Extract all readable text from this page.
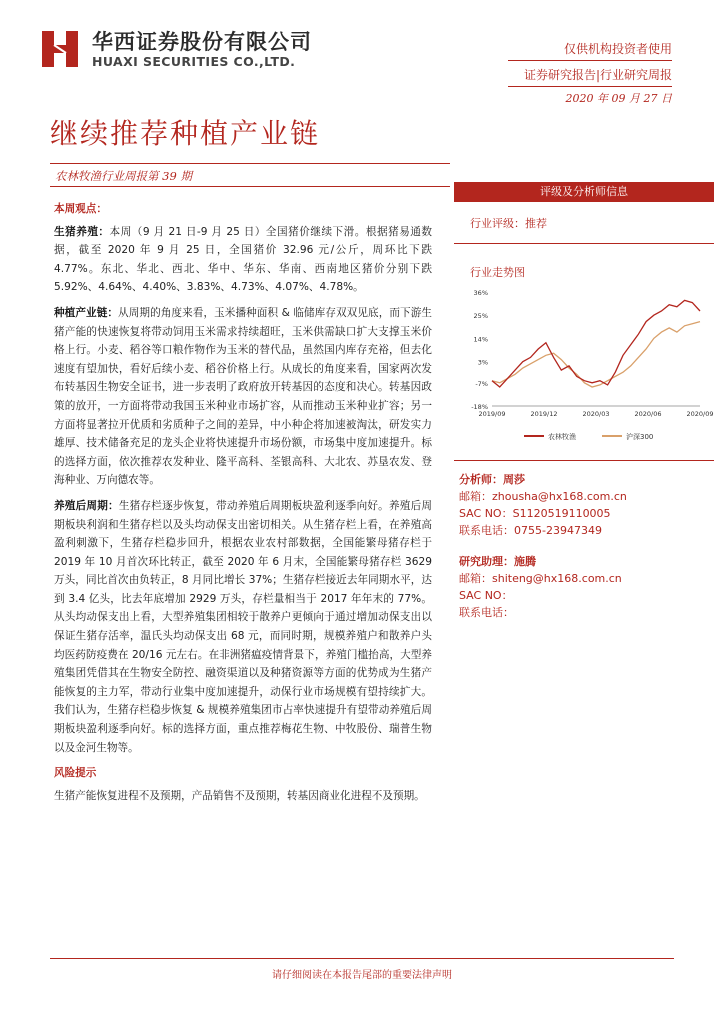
华西证券股份有限公司
HUAXI SECURITIES CO.,LTD.
仅供机构投资者使用
证券研究报告|行业研究周报
2020 年 09 月 27 日
继续推荐种植产业链
农林牧渔行业周报第 39 期

本周观点：

生猪养殖：本周（9 月 21 日-9 月 25 日）全国猪价继续下滑。根据猪易通数据，截至 2020 年 9 月 25 日，全国猪价 32.96 元/公斤，周环比下跌 4.77%。东北、华北、西北、华中、华东、华南、西南地区猪价分别下跌 5.92%、4.64%、4.40%、3.83%、4.73%、4.07%、4.78%。

种植产业链：从周期的角度来看，玉米播种面积 & 临储库存双双见底，而下游生猪产能的快速恢复将带动饲用玉米需求持续超旺，玉米供需缺口扩大支撑玉米价格上行。小麦、稻谷等口粮作物作为玉米的替代品，虽然国内库存充裕，但去化速度有望加快，看好后续小麦、稻谷价格上行。从成长的角度来看，国家两次发布转基因生物安全证书，进一步表明了政府放开转基因的态度和决心。转基因政策的放开，一方面将带动我国玉米种业市场扩容，从而推动玉米种业扩容；另一方面将显著拉开优质和劣质种子之间的差异，中小种企将加速被淘汰，研发实力雄厚、技术储备充足的龙头企业将快速提升市场份额，市场集中度加速提升。标的选择方面，依次推荐农发种业、隆平高科、荃银高科、大北农、苏垦农发、登海种业、万向德农等。

养殖后周期：生猪存栏逐步恢复，带动养殖后周期板块盈利逐季向好。养殖后周期板块利润和生猪存栏以及头均动保支出密切相关。从生猪存栏上看，在养殖高盈利刺激下，生猪存栏稳步回升，根据农业农村部数据，全国能繁母猪存栏于 2019 年 10 月首次环比转正，截至 2020 年 6 月末，全国能繁母猪存栏 3629 万头，同比首次由负转正，8 月同比增长 37%；生猪存栏接近去年同期水平，达到 3.4 亿头，比去年底增加 2929 万头，存栏量相当于 2017 年年末的 77%。从头均动保支出上看，大型养殖集团相较于散养户更倾向于通过增加动保支出以保证生猪存活率，温氏头均动保支出 68 元，而同时期，规模养殖户和散养户头均医药防疫费在 20/16 元左右。在非洲猪瘟疫情背景下，养殖门槛抬高，大型养殖集团凭借其在生物安全防控、融资渠道以及种猪资源等方面的优势成为生猪产能恢复的主力军，带动行业集中度加速提升，动保行业市场规模有望持续扩大。我们认为，生猪存栏稳步恢复 & 规模养殖集团市占率快速提升有望带动养殖后周期板块盈利逐季向好。标的选择方面，重点推荐梅花生物、中牧股份、瑞普生物以及金河生物等。

风险提示

生猪产能恢复进程不及预期，产品销售不及预期，转基因商业化进程不及预期。

评级及分析师信息
行业评级：推荐
行业走势图
36%
25%
14%
3%
-7%
-18%
2019/09	2019/12	2020/03	2020/06	2020/09
农林牧渔	沪深300
分析师：周莎
邮箱：zhousha@hx168.com.cn
SAC NO：S1120519110005
联系电话：0755-23947349
研究助理：施腾
邮箱：shiteng@hx168.com.cn
SAC NO：
联系电话：
请仔细阅读在本报告尾部的重要法律声明
